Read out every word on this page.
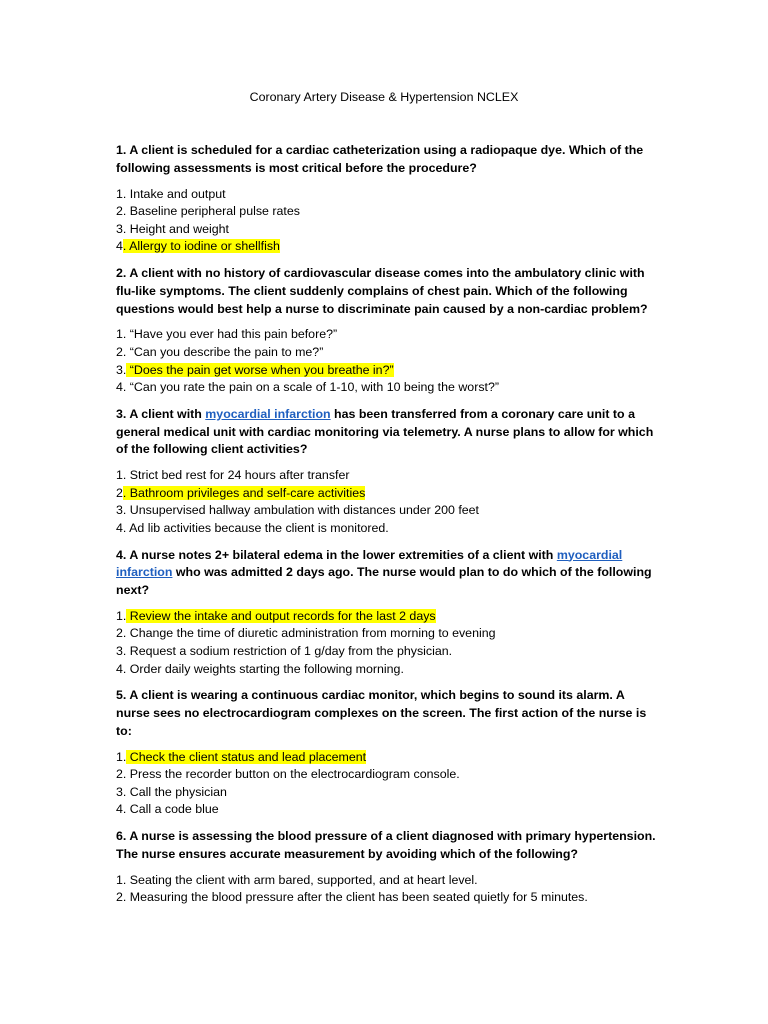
Coronary Artery Disease & Hypertension NCLEX

1. A client is scheduled for a cardiac catheterization using a radiopaque dye. Which of the following assessments is most critical before the procedure?

1. Intake and output
2. Baseline peripheral pulse rates
3. Height and weight
4. Allergy to iodine or shellfish

2. A client with no history of cardiovascular disease comes into the ambulatory clinic with flu-like symptoms. The client suddenly complains of chest pain. Which of the following questions would best help a nurse to discriminate pain caused by a non-cardiac problem?

1. “Have you ever had this pain before?”
2. “Can you describe the pain to me?”
3. “Does the pain get worse when you breathe in?”
4. “Can you rate the pain on a scale of 1-10, with 10 being the worst?”

3. A client with myocardial infarction has been transferred from a coronary care unit to a general medical unit with cardiac monitoring via telemetry. A nurse plans to allow for which of the following client activities?

1. Strict bed rest for 24 hours after transfer
2. Bathroom privileges and self-care activities
3. Unsupervised hallway ambulation with distances under 200 feet
4. Ad lib activities because the client is monitored.

4. A nurse notes 2+ bilateral edema in the lower extremities of a client with myocardial infarction who was admitted 2 days ago. The nurse would plan to do which of the following next?

1. Review the intake and output records for the last 2 days
2. Change the time of diuretic administration from morning to evening
3. Request a sodium restriction of 1 g/day from the physician.
4. Order daily weights starting the following morning.

5. A client is wearing a continuous cardiac monitor, which begins to sound its alarm. A nurse sees no electrocardiogram complexes on the screen. The first action of the nurse is to:

1. Check the client status and lead placement
2. Press the recorder button on the electrocardiogram console.
3. Call the physician
4. Call a code blue

6. A nurse is assessing the blood pressure of a client diagnosed with primary hypertension. The nurse ensures accurate measurement by avoiding which of the following?

1. Seating the client with arm bared, supported, and at heart level.
2. Measuring the blood pressure after the client has been seated quietly for 5 minutes.
